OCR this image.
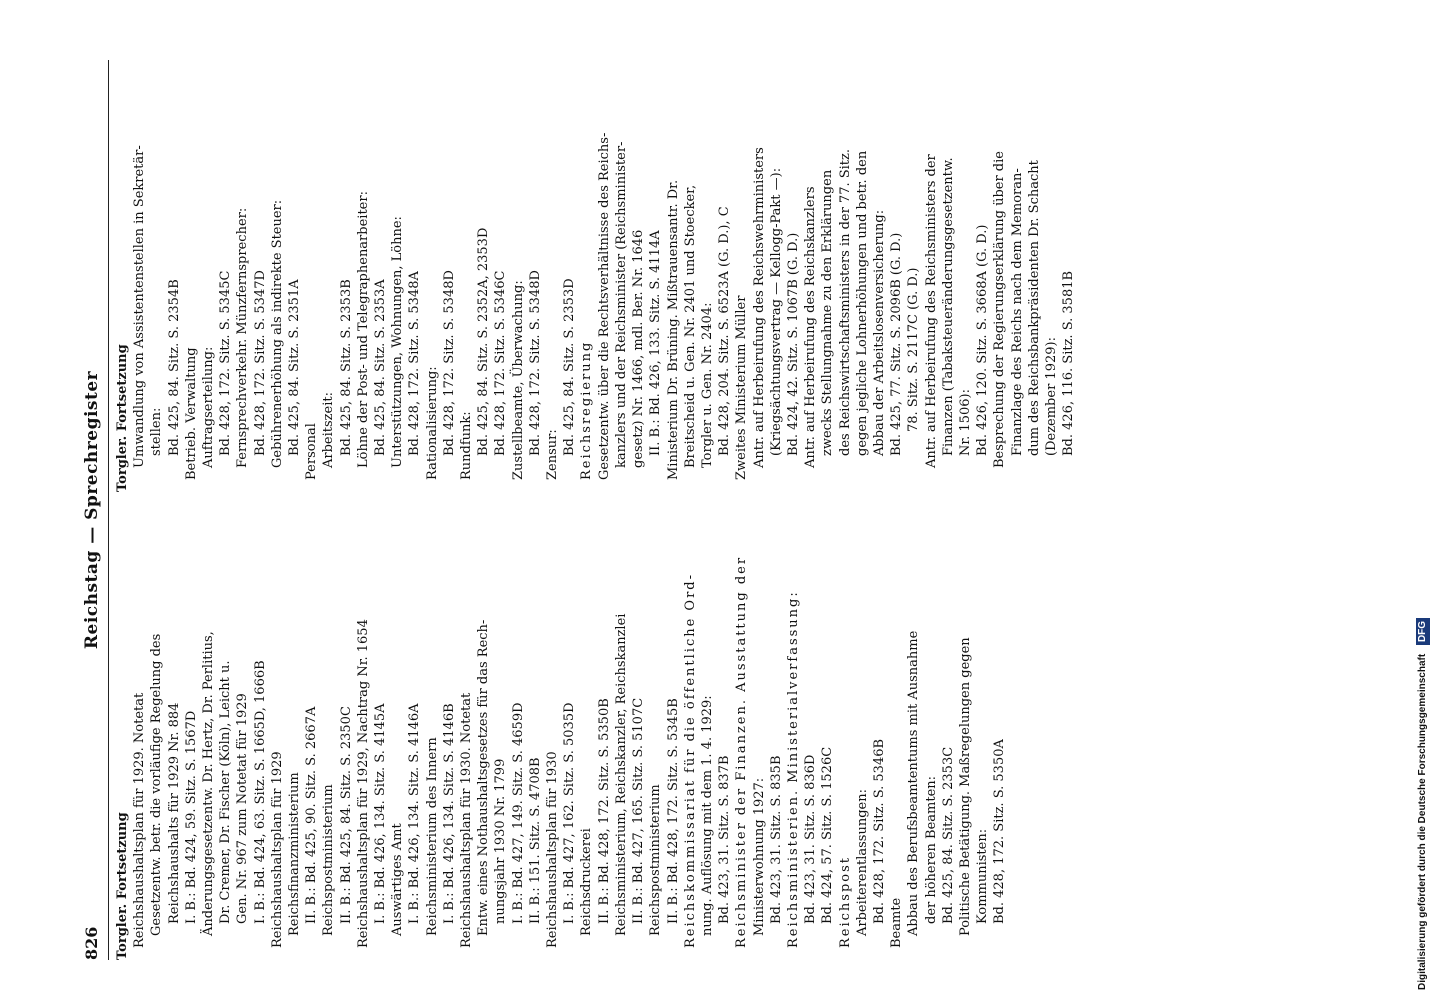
826
Reichstag — Sprechregister
Torgler. Fortsetzung Reichshaushaltsplan für 1929. Notetat Gesetzentw. betr. die vorläufige Regelung des Reichshaushalts für 1929 Nr. 884 I. B.: Bd. 424, 59. Sitz. S. 1567D Änderungsgesetzentw. Dr. Hertz, Dr. Perlitius, Dr. Cremer, Dr. Fischer (Köln), Leicht u. Gen. Nr. 967 zum Notetat für 1929 I. B.: Bd. 424, 63. Sitz. S. 1665D, 1666B Reichshaushaltsplan für 1929 Reichsfinanzministerium II. B.: Bd. 425, 90. Sitz. S. 2667A Reichspostministerium II. B.: Bd. 425, 84. Sitz. S. 2350C Reichshaushaltsplan für 1929, Nachtrag Nr. 1654 I. B.: Bd. 426, 134. Sitz. S. 4145A Auswärtiges Amt I. B.: Bd. 426, 134. Sitz. S. 4146A Reichsministerium des Innern I. B.: Bd. 426, 134. Sitz. S. 4146B Reichshaushaltsplan für 1930. Notetat Entw. eines Nothaushaltsgesetzes für das Rech- nungsjahr 1930 Nr. 1799 I. B.: Bd. 427, 149. Sitz. S. 4659D II. B.: 151. Sitz. S. 4708B Reichshaushaltsplan für 1930 I. B.: Bd. 427, 162. Sitz. S. 5035D Reichsdruckerei II. B.: Bd. 428, 172. Sitz. S. 5350B Reichsministerium, Reichskanzler, Reichskanzlei II. B.: Bd. 427, 165. Sitz. S. 5107C Reichspostministerium II. B.: Bd. 428, 172. Sitz. S. 5345B Reichskommissariat für die öffentliche Ord- nung. Auflösung mit dem 1. 4. 1929: Bd. 423, 31. Sitz. S. 837B Reichsminister der Finanzen. Ausstattung der Ministerwohnung 1927: Bd. 423, 31. Sitz. S. 835B Reichsministerien. Ministerialverfassung: Bd. 423, 31. Sitz. S. 836D Bd. 424, 57. Sitz. S. 1526C Reichspost Arbeiterentlassungen: Bd. 428, 172. Sitz. S. 5346B Beamte Abbau des Berufsbeamtentums mit Ausnahme der höheren Beamten: Bd. 425, 84. Sitz. S. 2353C Politische Betätigung. Maßregelungen gegen Kommunisten: Bd. 428, 172. Sitz. S. 5350A
Torgler. Fortsetzung Umwandlung von Assistentenstellen in Sekretär- stellen: Bd. 425, 84. Sitz. S. 2354B Betrieb. Verwaltung Auftragserteilung: Bd. 428, 172. Sitz. S. 5345C Fernsprechverkehr. Münzfernsprecher: Bd. 428, 172. Sitz. S. 5347D Gebührenerhöhung als indirekte Steuer: Bd. 425, 84. Sitz. S. 2351A Personal Arbeitszeit: Bd. 425, 84. Sitz. S. 2353B Löhne der Post- und Telegraphenarbeiter: Bd. 425, 84. Sitz. S. 2353A Unterstützungen, Wohnungen, Löhne: Bd. 428, 172. Sitz. S. 5348A Rationalisierung: Bd. 428, 172. Sitz. S. 5348D Rundfunk: Bd. 425, 84. Sitz. S. 2352A, 2353D Bd. 428, 172. Sitz. S. 5346C Zustellbeamte, Überwachung: Bd. 428, 172. Sitz. S. 5348D Zensur: Bd. 425, 84. Sitz. S. 2353D Reichsregierung Gesetzentw. über die Rechtsverhältnisse des Reichs- kanzlers und der Reichsminister (Reichsminister- gesetz) Nr. 1466, mdl. Ber. Nr. 1646 II. B.: Bd. 426, 133. Sitz. S. 4114A Ministerium Dr. Brüning. Mißtrauensantr. Dr. Breitscheid u. Gen. Nr. 2401 und Stoecker, Torgler u. Gen. Nr. 2404: Bd. 428, 204. Sitz. S. 6523A (G. D.), C Zweites Ministerium Müller Antr. auf Herbeirufung des Reichswehrministers (Kriegsächtungsvertrag — Kellogg-Pakt —): Bd. 424, 42. Sitz. S. 1067B (G. D.) Antr. auf Herbeirufung des Reichskanzlers zwecks Stellungnahme zu den Erklärungen des Reichswirtschaftsministers in der 77. Sitz. gegen jegliche Lohnerhöhungen und betr. den Abbau der Arbeitslosenversicherung: Bd. 425, 77. Sitz. S. 2096B (G. D.) 78. Sitz. S. 2117C (G. D.) Antr. auf Herbeirufung des Reichsministers der Finanzen (Tabaksteueränderungsgesetzentw. Nr. 1506): Bd. 426, 120. Sitz. S. 3668A (G. D.) Besprechung der Regierungserklärung über die Finanzlage des Reichs nach dem Memoran- dum des Reichsbankpräsidenten Dr. Schacht (Dezember 1929): Bd. 426, 116. Sitz. S. 3581B
Digitalisierung gefördert durch die Deutsche Forschungsgemeinschaft DFG
